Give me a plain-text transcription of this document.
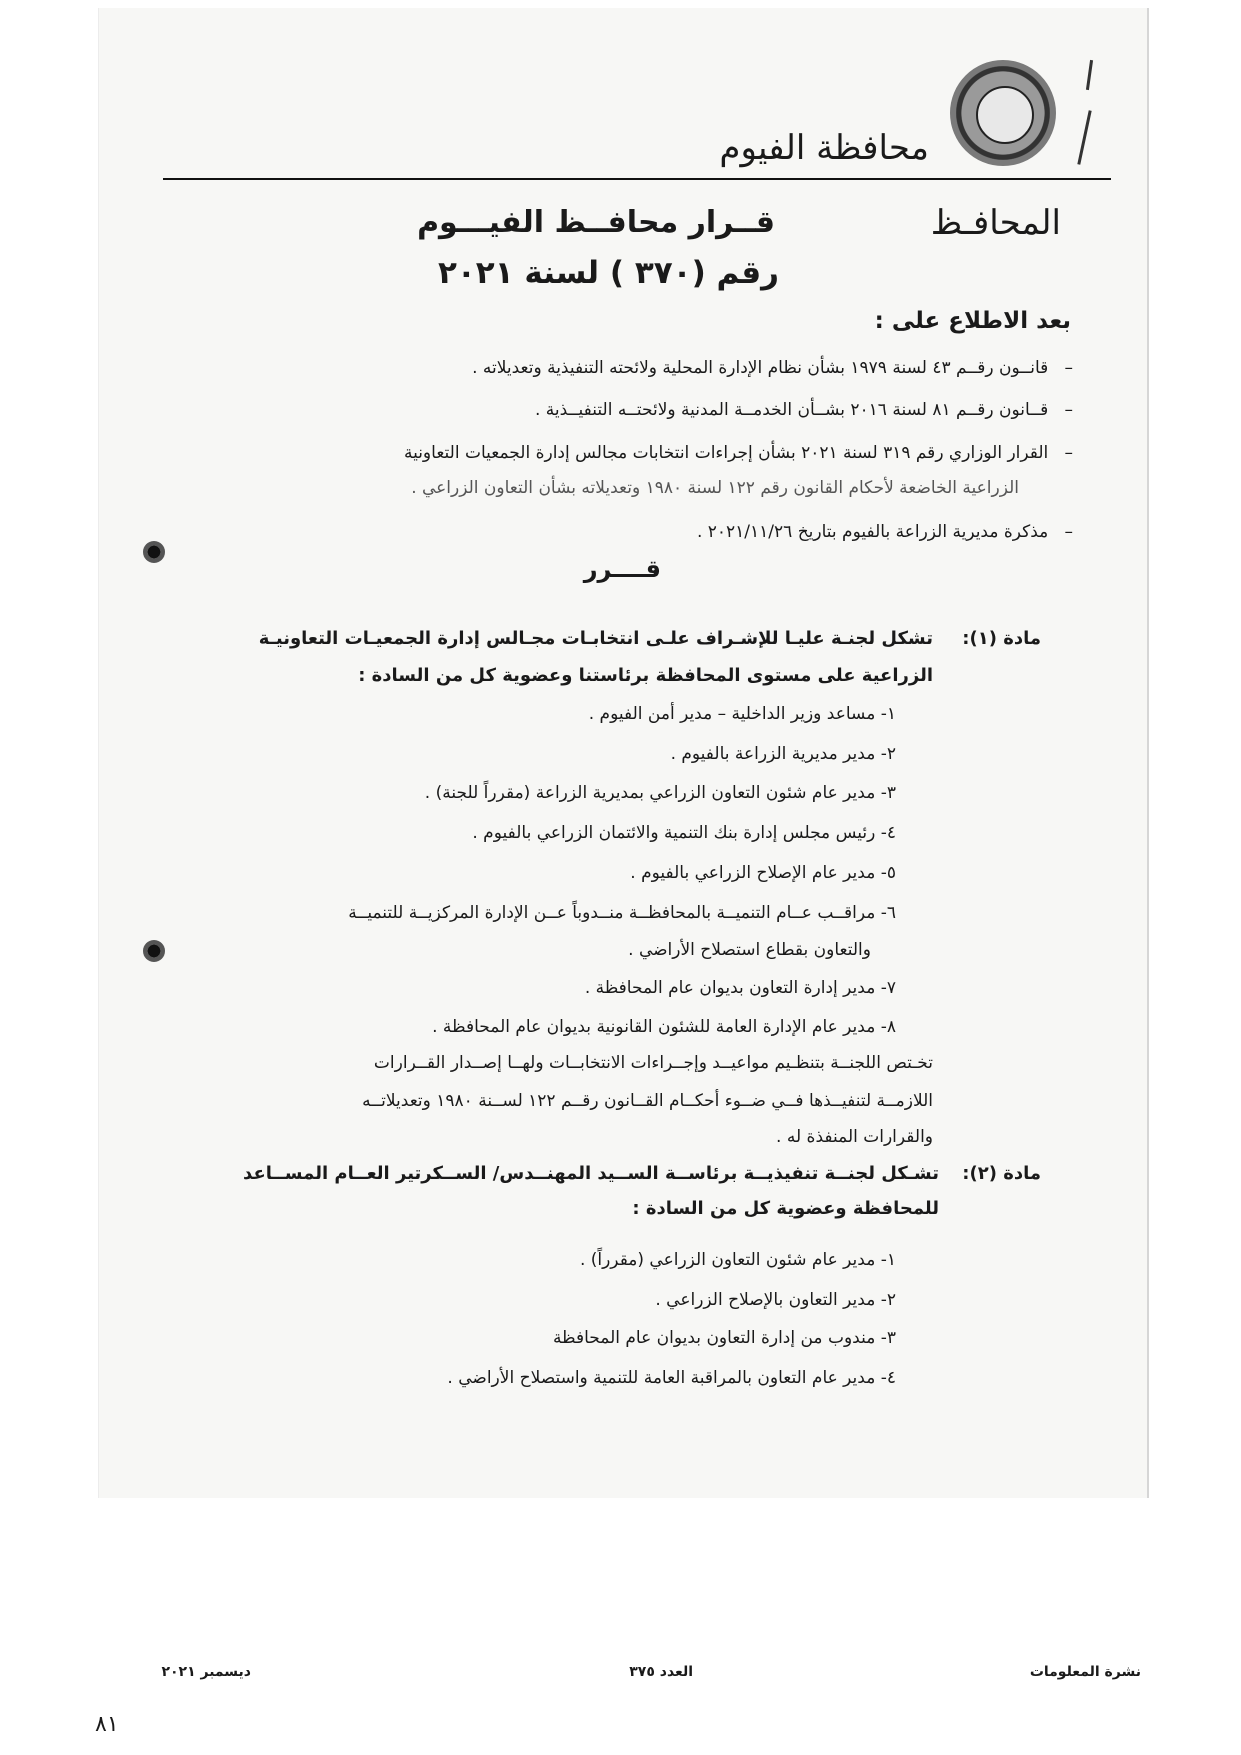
محافظة الفيوم
المحافـظ
قــرار محافــظ الفيـــوم
رقم (٣٧٠ ) لسنة ٢٠٢١
بعد الاطلاع على :
–   قانــون رقــم ٤٣ لسنة ١٩٧٩ بشأن نظام الإدارة المحلية ولائحته التنفيذية وتعديلاته .
–   قــانون رقــم ٨١ لسنة ٢٠١٦ بشــأن الخدمــة المدنية ولائحتــه التنفيــذية .
–   القرار الوزاري رقم ٣١٩ لسنة ٢٠٢١ بشأن إجراءات انتخابات مجالس إدارة الجمعيات التعاونية
الزراعية الخاضعة لأحكام القانون رقم ١٢٢ لسنة ١٩٨٠ وتعديلاته بشأن التعاون الزراعي .
–   مذكرة مديرية الزراعة بالفيوم بتاريخ ٢٠٢١/١١/٢٦ .
قــــرر
مادة (١):
تشكل لجنـة عليـا للإشـراف علـى انتخابـات مجـالس إدارة الجمعيـات التعاونيـة
الزراعية على مستوى المحافظة برئاستنا وعضوية كل من السادة :
١- مساعد وزير الداخلية – مدير أمن الفيوم .
٢- مدير مديرية الزراعة بالفيوم .
٣- مدير عام شئون التعاون الزراعي بمديرية الزراعة (مقرراً للجنة) .
٤- رئيس مجلس إدارة بنك التنمية والائتمان الزراعي بالفيوم .
٥- مدير عام الإصلاح الزراعي بالفيوم .
٦- مراقــب عــام التنميــة بالمحافظــة منــدوباً عــن الإدارة المركزيــة للتنميــة
والتعاون بقطاع استصلاح الأراضي .
٧- مدير إدارة التعاون بديوان عام المحافظة .
٨- مدير عام الإدارة العامة للشئون القانونية بديوان عام المحافظة .
تخـتص اللجنــة بتنظـيم مواعيــد وإجــراءات الانتخابــات ولهــا إصــدار القــرارات
اللازمــة لتنفيــذها فــي ضــوء أحكــام القــانون رقــم ١٢٢ لســنة ١٩٨٠ وتعديلاتــه
والقرارات المنفذة له .
مادة (٢):
تشـكل لجنــة تنفيذيــة برئاســة الســيد المهنــدس/ الســكرتير العــام المســاعد
للمحافظة وعضوية كل من السادة :
١- مدير عام شئون التعاون الزراعي (مقرراً) .
٢- مدير التعاون بالإصلاح الزراعي .
٣- مندوب من إدارة التعاون بديوان عام المحافظة
٤- مدير عام التعاون بالمراقبة العامة للتنمية واستصلاح الأراضي .
نشرة المعلومات
العدد ٣٧٥
ديسمبر ٢٠٢١
٨١
